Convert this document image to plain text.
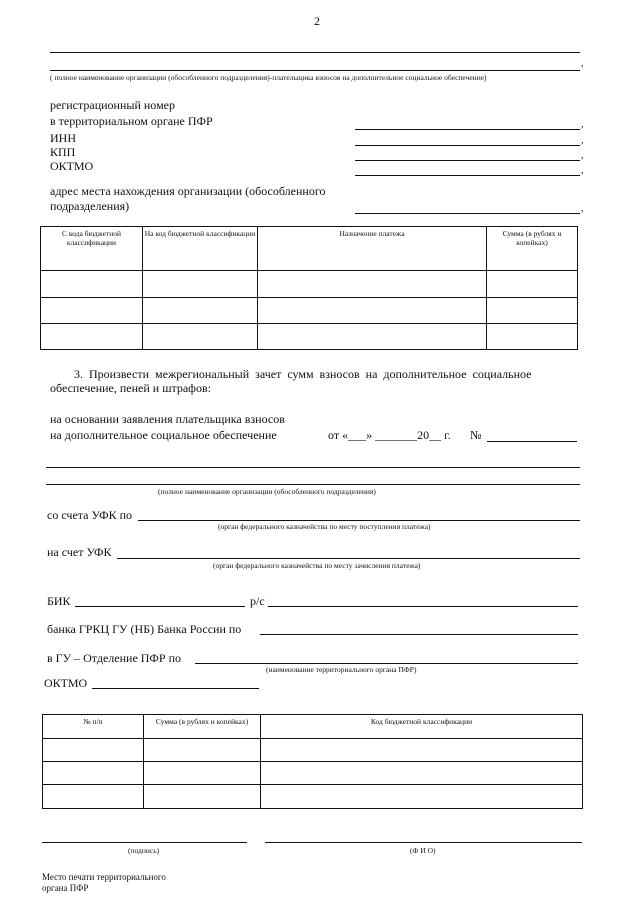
2
,
( полное наименование организации (обособленного подразделения)-плательщика взносов на дополнительное социальное обеспечение)
регистрационный номер
в территориальном органе ПФР	,
ИНН	,
КПП	,
ОКТМО	,
адрес места нахождения организации (обособленного
подразделения)	,
С кода бюджетной классификации	На код бюджетной классификации	Назначение платежа	Сумма (в рублях и копейках)

3. Произвести межрегиональный зачет сумм взносов на дополнительное социальное
обеспечение, пеней и штрафов:
на основании заявления плательщика взносов
на дополнительное социальное обеспечение	от «___» _______20__ г. №
(полное наименование организации (обособленного подразделения)
со счета УФК по
(орган федерального казначейства по месту поступления платежа)
на счет УФК
(орган федерального казначейства по месту зачисления платежа)
БИК	р/с
банка ГРКЦ ГУ (НБ) Банка России по
в ГУ – Отделение ПФР по
(наименование территориального органа ПФР)
ОКТМО
№ п/п	Сумма (в рублях и копейках)	Код бюджетной классификации

(подпись)	(Ф И О)
Место печати территориального
органа ПФР
